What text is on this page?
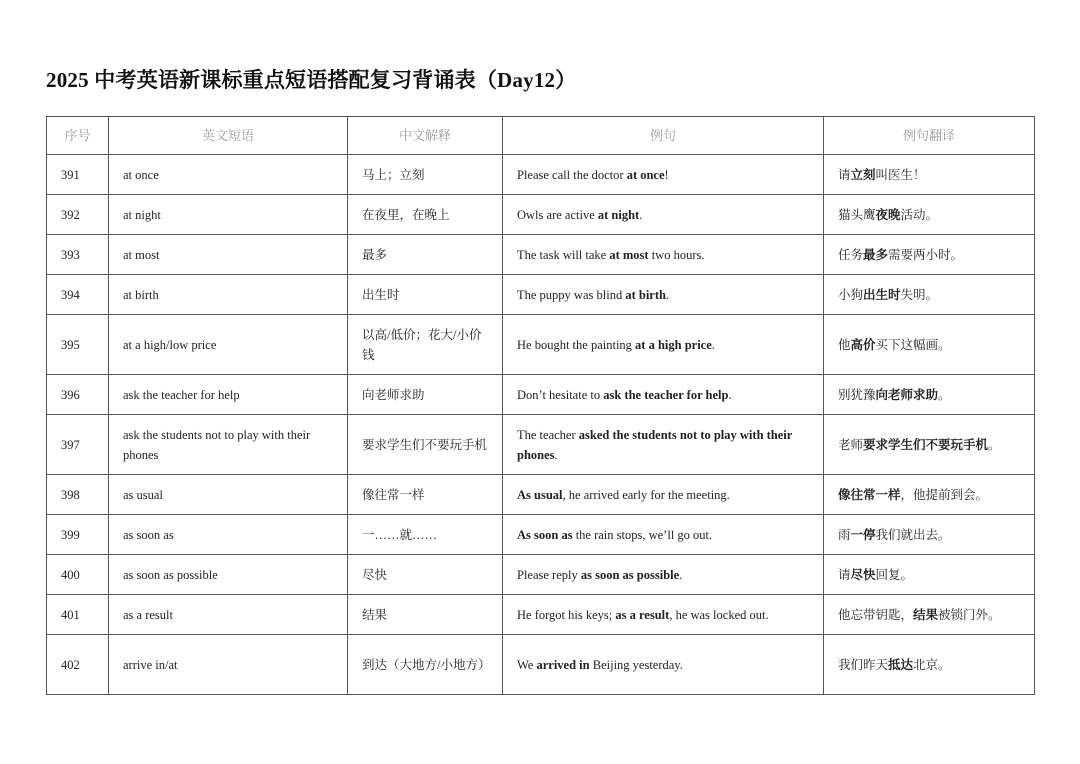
2025 中考英语新课标重点短语搭配复习背诵表（Day12）
序号	英文短语	中文解释	例句	例句翻译
391	at once	马上；立刻	Please call the doctor at once!	请立刻叫医生！
392	at night	在夜里，在晚上	Owls are active at night.	猫头鹰夜晚活动。
393	at most	最多	The task will take at most two hours.	任务最多需要两小时。
394	at birth	出生时	The puppy was blind at birth.	小狗出生时失明。
395	at a high/low price	以高/低价；花大/小价钱	He bought the painting at a high price.	他高价买下这幅画。
396	ask the teacher for help	向老师求助	Don’t hesitate to ask the teacher for help.	别犹豫向老师求助。
397	ask the students not to play with their phones	要求学生们不要玩手机	The teacher asked the students not to play with their phones.	老师要求学生们不要玩手机。
398	as usual	像往常一样	As usual, he arrived early for the meeting.	像往常一样，他提前到会。
399	as soon as	一……就……	As soon as the rain stops, we’ll go out.	雨一停我们就出去。
400	as soon as possible	尽快	Please reply as soon as possible.	请尽快回复。
401	as a result	结果	He forgot his keys; as a result, he was locked out.	他忘带钥匙，结果被锁门外。
402	arrive in/at	到达（大地方/小地方）	We arrived in Beijing yesterday.	我们昨天抵达北京。
